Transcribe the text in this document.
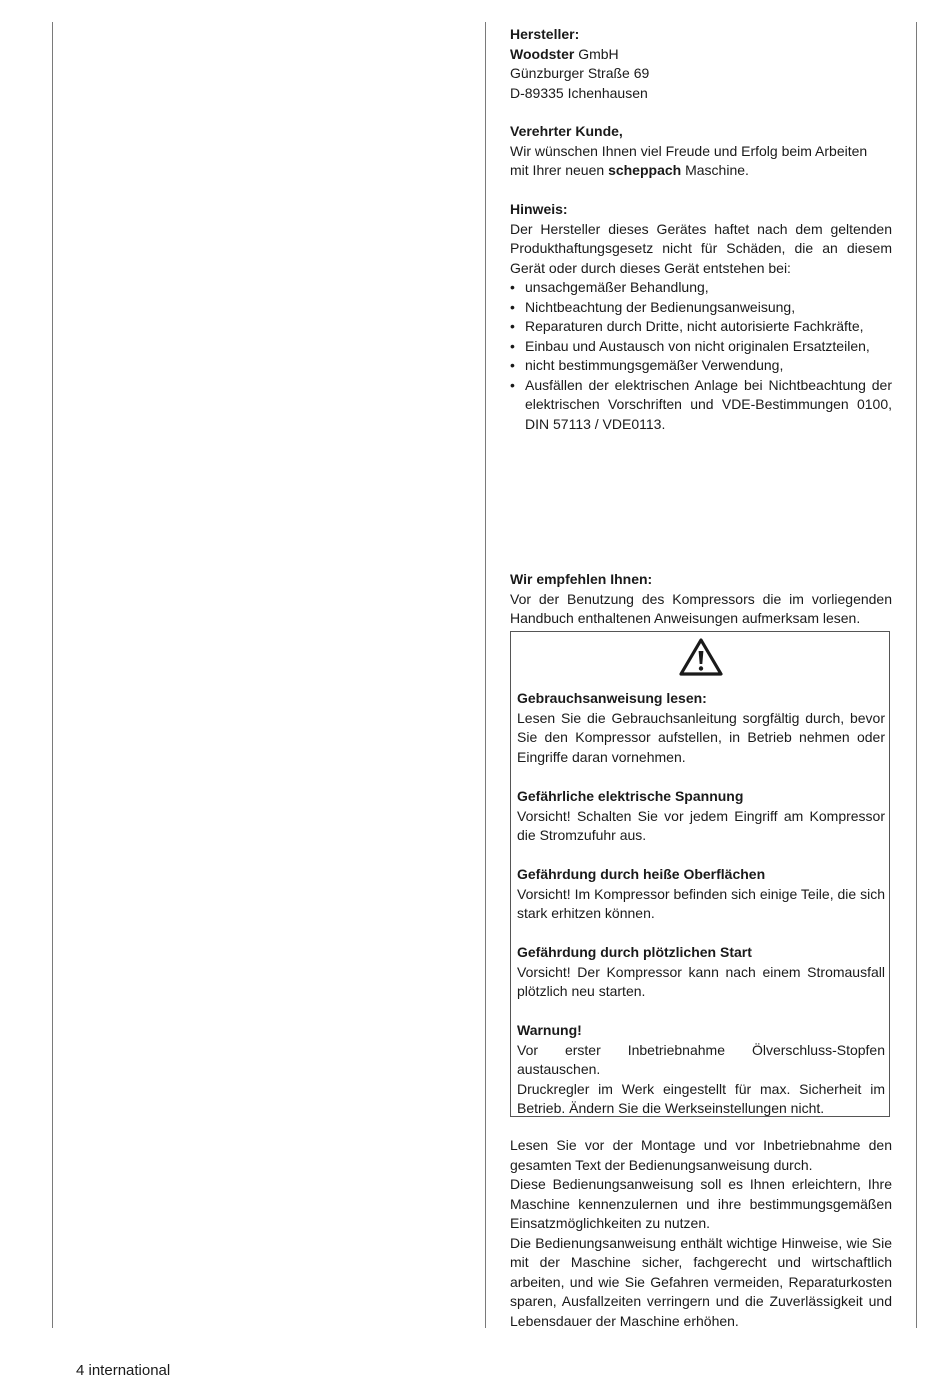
Hersteller:

Woodster GmbH

Günzburger Straße 69

D-89335 Ichenhausen

Verehrter Kunde,

Wir wünschen Ihnen viel Freude und Erfolg beim Arbeiten

mit Ihrer neuen scheppach Maschine.

Hinweis:

Der Hersteller dieses Gerätes haftet nach dem geltenden Produkthaftungsgesetz nicht für Schäden, die an diesem Gerät oder durch dieses Gerät entstehen bei:

• unsachgemäßer Behandlung,
• Nichtbeachtung der Bedienungsanweisung,
• Reparaturen durch Dritte, nicht autorisierte Fachkräfte,
• Einbau und Austausch von nicht originalen Ersatzteilen,
• nicht bestimmungsgemäßer Verwendung,
• Ausfällen der elektrischen Anlage bei Nichtbeachtung der elektrischen Vorschriften und VDE-Bestimmungen 0100, DIN 57113 / VDE0113.

Wir empfehlen Ihnen:

Vor der Benutzung des Kompressors die im vorliegenden Handbuch enthaltenen Anweisungen aufmerksam lesen.

Gebrauchsanweisung lesen:

Lesen Sie die Gebrauchsanleitung sorgfältig durch, bevor Sie den Kompressor aufstellen, in Betrieb nehmen oder Eingriffe daran vornehmen.

Gefährliche elektrische Spannung

Vorsicht! Schalten Sie vor jedem Eingriff am Kompressor die Stromzufuhr aus.

Gefährdung durch heiße Oberflächen

Vorsicht! Im Kompressor befinden sich einige Teile, die sich stark erhitzen können.

Gefährdung durch plötzlichen Start

Vorsicht! Der Kompressor kann nach einem Stromausfall plötzlich neu starten.

Warnung!

Vor erster Inbetriebnahme Ölverschluss-Stopfen austauschen.

Druckregler im Werk eingestellt für max. Sicherheit im Betrieb. Ändern Sie die Werkseinstellungen nicht.

Lesen Sie vor der Montage und vor Inbetriebnahme den gesamten Text der Bedienungsanweisung durch.

Diese Bedienungsanweisung soll es Ihnen erleichtern, Ihre Maschine kennenzulernen und ihre bestimmungsgemäßen Einsatzmöglichkeiten zu nutzen.

Die Bedienungsanweisung enthält wichtige Hinweise, wie Sie mit der Maschine sicher, fachgerecht und wirtschaftlich arbeiten, und wie Sie Gefahren vermeiden, Reparaturkosten sparen, Ausfallzeiten verringern und die Zuverlässigkeit und Lebensdauer der Maschine erhöhen.

4 international
